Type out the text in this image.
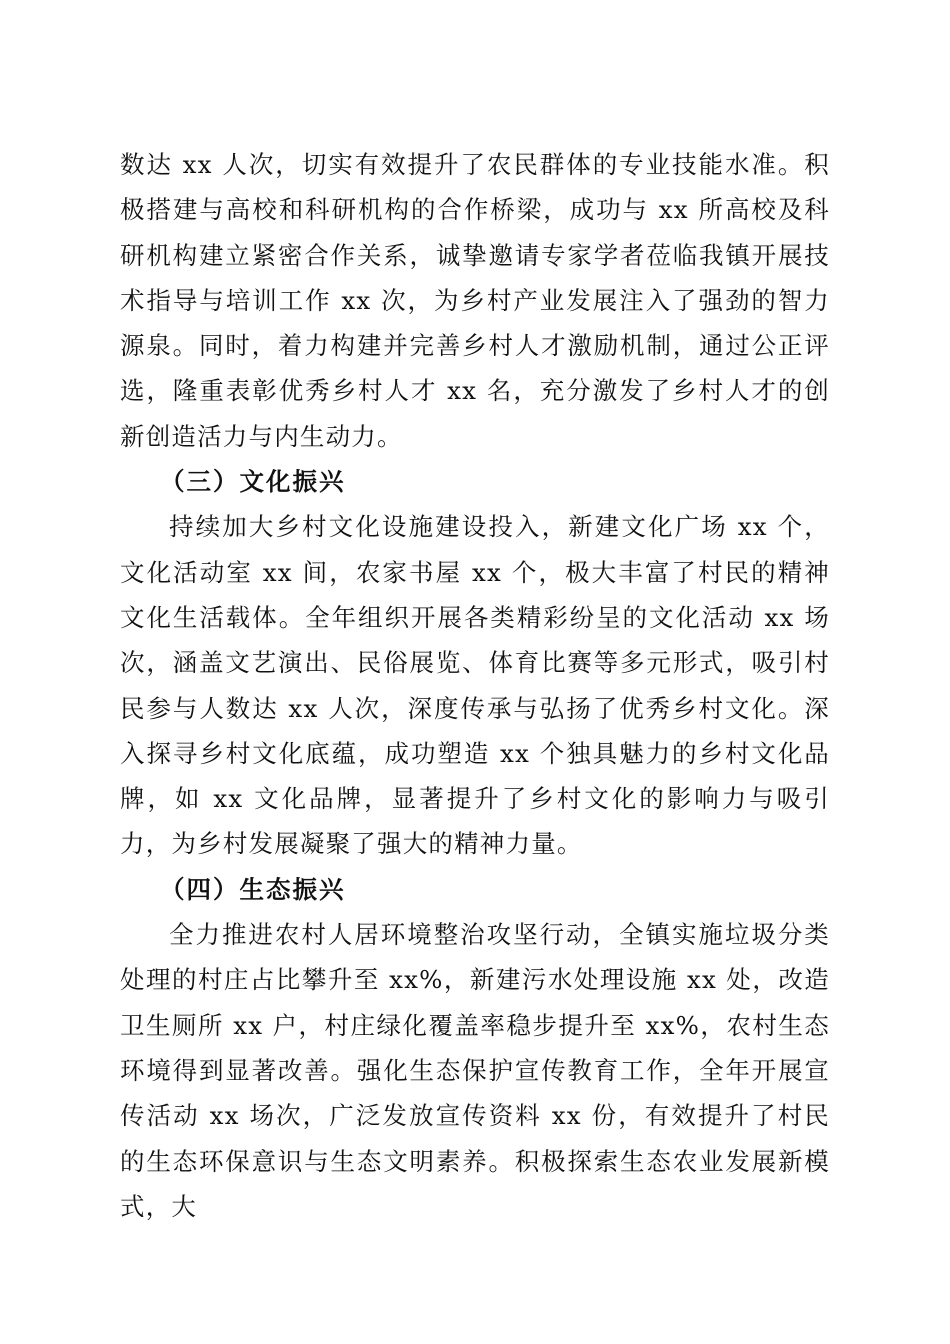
数达 xx 人次，切实有效提升了农民群体的专业技能水准。积极搭建与高校和科研机构的合作桥梁，成功与 xx 所高校及科研机构建立紧密合作关系，诚挚邀请专家学者莅临我镇开展技术指导与培训工作 xx 次，为乡村产业发展注入了强劲的智力源泉。同时，着力构建并完善乡村人才激励机制，通过公正评选，隆重表彰优秀乡村人才 xx 名，充分激发了乡村人才的创新创造活力与内生动力。

（三）文化振兴

持续加大乡村文化设施建设投入，新建文化广场 xx 个，文化活动室 xx 间，农家书屋 xx 个，极大丰富了村民的精神文化生活载体。全年组织开展各类精彩纷呈的文化活动 xx 场次，涵盖文艺演出、民俗展览、体育比赛等多元形式，吸引村民参与人数达 xx 人次，深度传承与弘扬了优秀乡村文化。深入探寻乡村文化底蕴，成功塑造 xx 个独具魅力的乡村文化品牌，如 xx 文化品牌，显著提升了乡村文化的影响力与吸引力，为乡村发展凝聚了强大的精神力量。

（四）生态振兴

全力推进农村人居环境整治攻坚行动，全镇实施垃圾分类处理的村庄占比攀升至 xx%，新建污水处理设施 xx 处，改造卫生厕所 xx 户，村庄绿化覆盖率稳步提升至 xx%，农村生态环境得到显著改善。强化生态保护宣传教育工作，全年开展宣传活动 xx 场次，广泛发放宣传资料 xx 份，有效提升了村民的生态环保意识与生态文明素养。积极探索生态农业发展新模式，大
